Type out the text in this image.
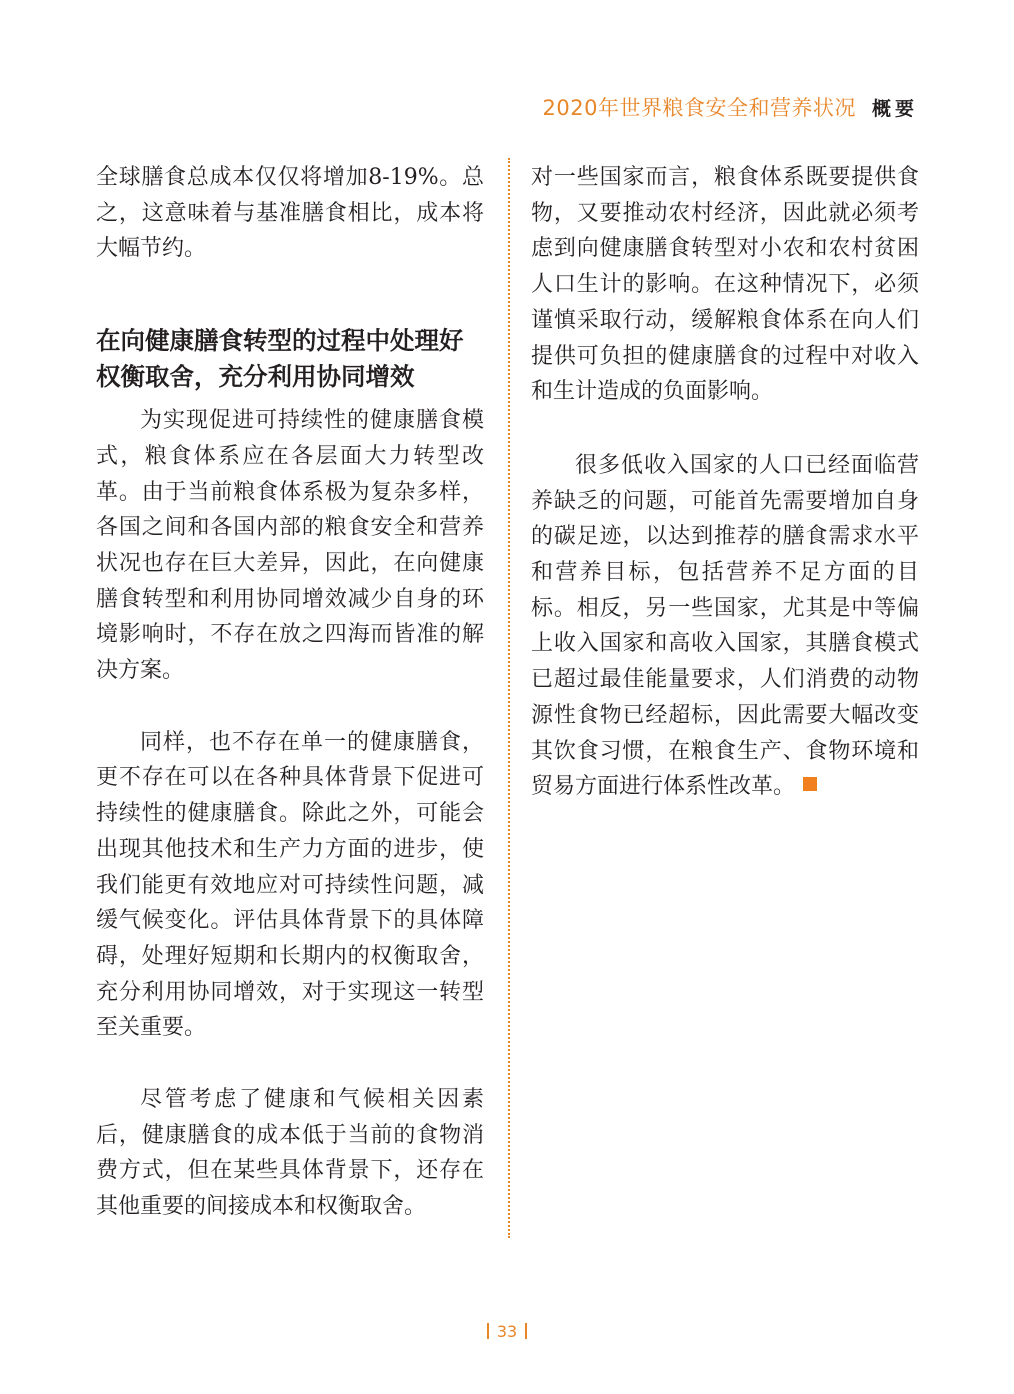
2020年世界粮食安全和营养状况 概要

全球膳食总成本仅仅将增加8-19%。总之，这意味着与基准膳食相比，成本将大幅节约。

在向健康膳食转型的过程中处理好权衡取舍，充分利用协同增效

为实现促进可持续性的健康膳食模式，粮食体系应在各层面大力转型改革。由于当前粮食体系极为复杂多样，各国之间和各国内部的粮食安全和营养状况也存在巨大差异，因此，在向健康膳食转型和利用协同增效减少自身的环境影响时，不存在放之四海而皆准的解决方案。

同样，也不存在单一的健康膳食，更不存在可以在各种具体背景下促进可持续性的健康膳食。除此之外，可能会出现其他技术和生产力方面的进步，使我们能更有效地应对可持续性问题，减缓气候变化。评估具体背景下的具体障碍，处理好短期和长期内的权衡取舍，充分利用协同增效，对于实现这一转型至关重要。

尽管考虑了健康和气候相关因素后，健康膳食的成本低于当前的食物消费方式，但在某些具体背景下，还存在其他重要的间接成本和权衡取舍。

对一些国家而言，粮食体系既要提供食物，又要推动农村经济，因此就必须考虑到向健康膳食转型对小农和农村贫困人口生计的影响。在这种情况下，必须谨慎采取行动，缓解粮食体系在向人们提供可负担的健康膳食的过程中对收入和生计造成的负面影响。

很多低收入国家的人口已经面临营养缺乏的问题，可能首先需要增加自身的碳足迹，以达到推荐的膳食需求水平和营养目标，包括营养不足方面的目标。相反，另一些国家，尤其是中等偏上收入国家和高收入国家，其膳食模式已超过最佳能量要求，人们消费的动物源性食物已经超标，因此需要大幅改变其饮食习惯，在粮食生产、食物环境和贸易方面进行体系性改革。

33
